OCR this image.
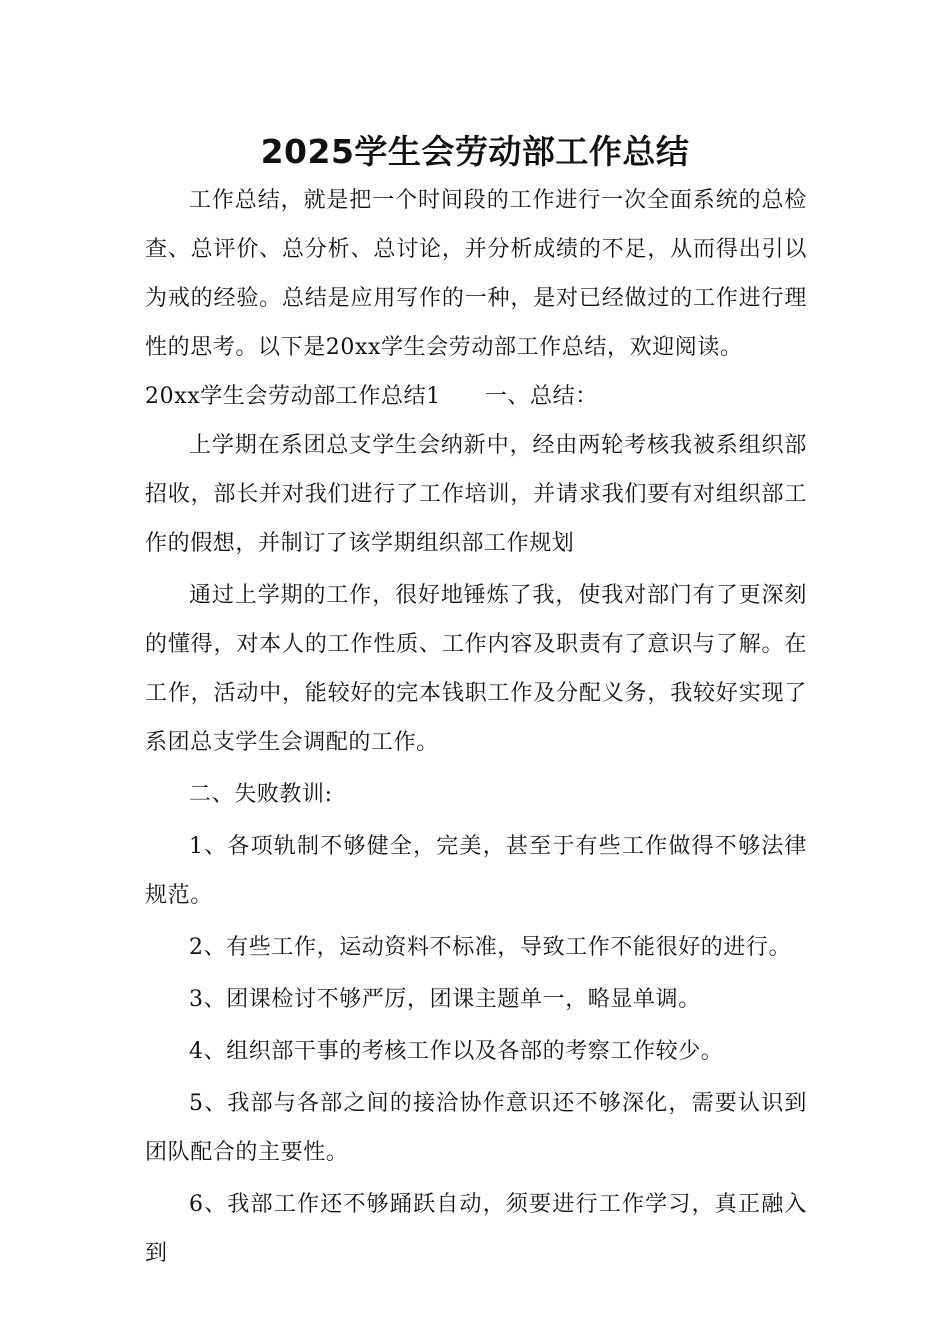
2025学生会劳动部工作总结

工作总结，就是把一个时间段的工作进行一次全面系统的总检查、总评价、总分析、总讨论，并分析成绩的不足，从而得出引以为戒的经验。总结是应用写作的一种，是对已经做过的工作进行理性的思考。以下是20xx学生会劳动部工作总结，欢迎阅读。

20xx学生会劳动部工作总结1 一、总结：

上学期在系团总支学生会纳新中，经由两轮考核我被系组织部招收，部长并对我们进行了工作培训，并请求我们要有对组织部工作的假想，并制订了该学期组织部工作规划

通过上学期的工作，很好地锤炼了我，使我对部门有了更深刻的懂得，对本人的工作性质、工作内容及职责有了意识与了解。在工作，活动中，能较好的完本钱职工作及分配义务，我较好实现了系团总支学生会调配的工作。

二、失败教训:

1、各项轨制不够健全，完美，甚至于有些工作做得不够法律规范。

2、有些工作，运动资料不标准，导致工作不能很好的进行。

3、团课检讨不够严厉，团课主题单一，略显单调。

4、组织部干事的考核工作以及各部的考察工作较少。

5、我部与各部之间的接洽协作意识还不够深化，需要认识到团队配合的主要性。

6、我部工作还不够踊跃自动，须要进行工作学习，真正融入到
